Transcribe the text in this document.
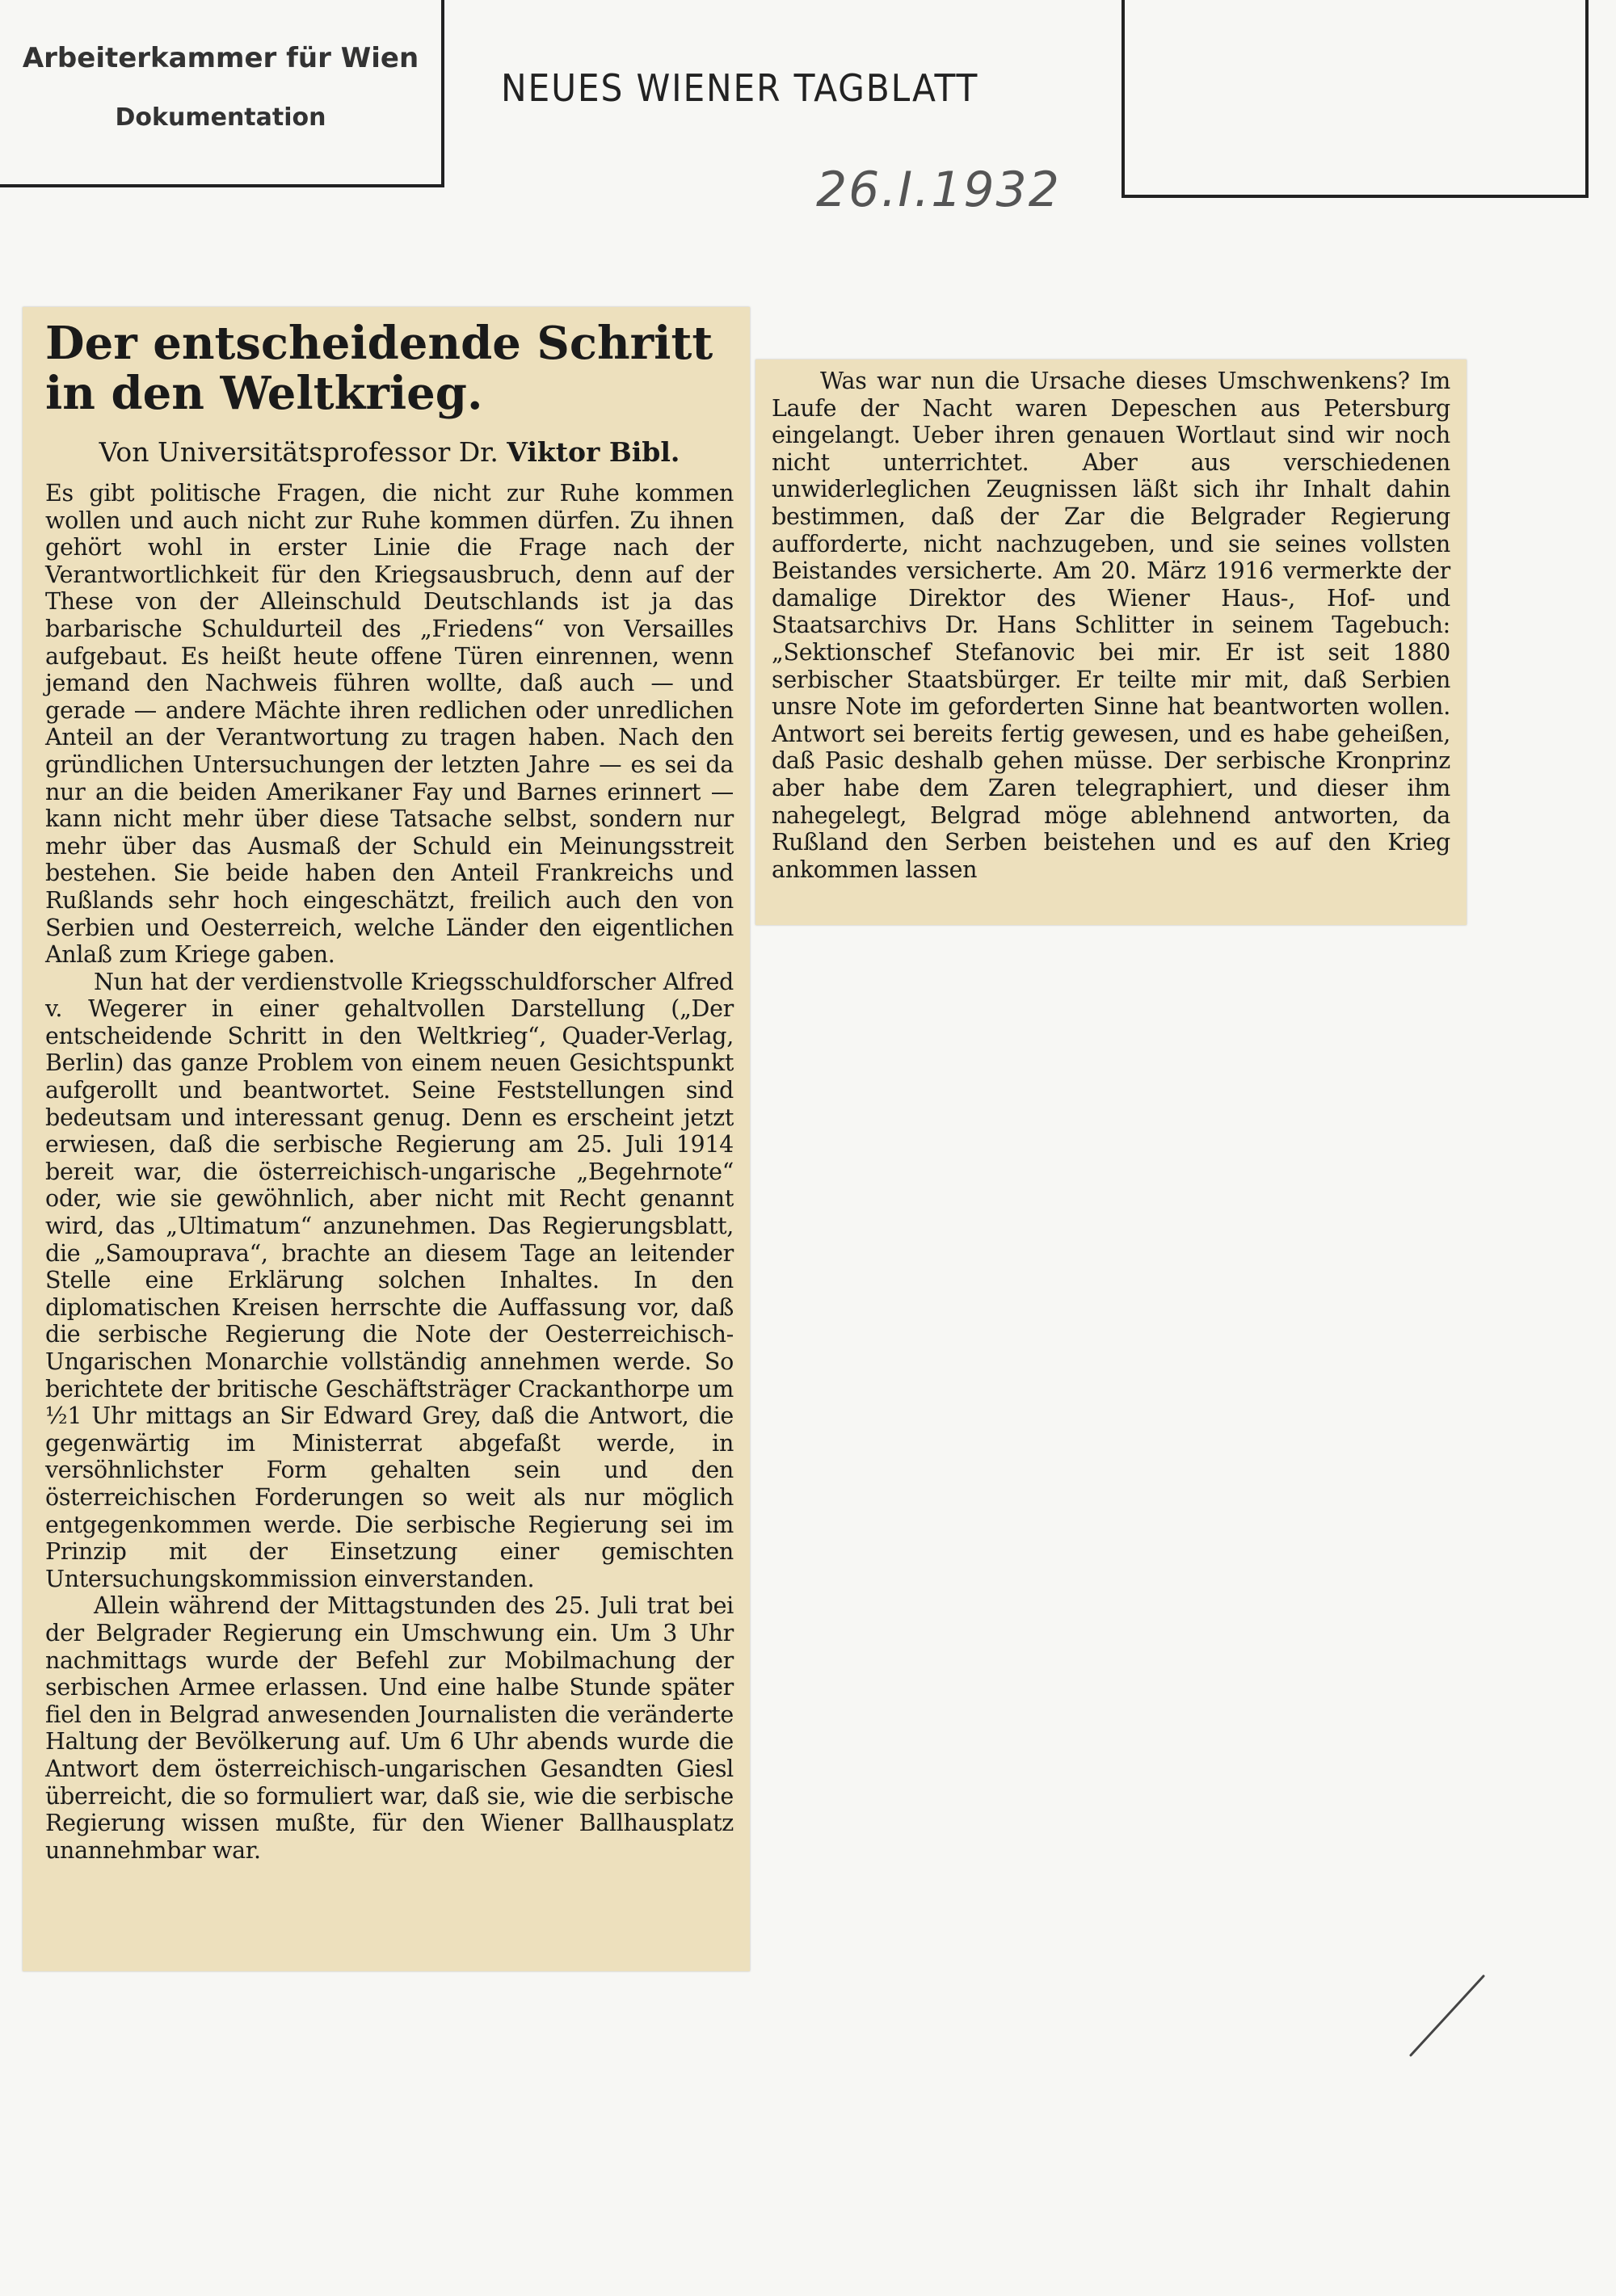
Arbeiterkammer für Wien
Dokumentation
NEUES WIENER TAGBLATT
26.I.1932
Der entscheidende Schritt in den Weltkrieg.
Von Universitätsprofessor Dr. Viktor Bibl.

Es gibt politische Fragen, die nicht zur Ruhe kommen wollen und auch nicht zur Ruhe kommen dürfen. Zu ihnen gehört wohl in erster Linie die Frage nach der Verantwortlichkeit für den Kriegsausbruch, denn auf der These von der Alleinschuld Deutschlands ist ja das barbarische Schuldurteil des „Friedens“ von Versailles aufgebaut. Es heißt heute offene Türen einrennen, wenn jemand den Nachweis führen wollte, daß auch — und gerade — andere Mächte ihren redlichen oder unredlichen Anteil an der Verantwortung zu tragen haben. Nach den gründlichen Untersuchungen der letzten Jahre — es sei da nur an die beiden Amerikaner Fay und Barnes erinnert — kann nicht mehr über diese Tatsache selbst, sondern nur mehr über das Ausmaß der Schuld ein Meinungsstreit bestehen. Sie beide haben den Anteil Frankreichs und Rußlands sehr hoch eingeschätzt, freilich auch den von Serbien und Oesterreich, welche Länder den eigentlichen Anlaß zum Kriege gaben.

Nun hat der verdienstvolle Kriegsschuldforscher Alfred v. Wegerer in einer gehaltvollen Darstellung („Der entscheidende Schritt in den Weltkrieg“, Quader-Verlag, Berlin) das ganze Problem von einem neuen Gesichtspunkt aufgerollt und beantwortet. Seine Feststellungen sind bedeutsam und interessant genug. Denn es erscheint jetzt erwiesen, daß die serbische Regierung am 25. Juli 1914 bereit war, die österreichisch-ungarische „Begehrnote“ oder, wie sie gewöhnlich, aber nicht mit Recht genannt wird, das „Ultimatum“ anzunehmen. Das Regierungsblatt, die „Samouprava“, brachte an diesem Tage an leitender Stelle eine Erklärung solchen Inhaltes. In den diplomatischen Kreisen herrschte die Auffassung vor, daß die serbische Regierung die Note der Oesterreichisch-Ungarischen Monarchie vollständig annehmen werde. So berichtete der britische Geschäftsträger Crackanthorpe um ½1 Uhr mittags an Sir Edward Grey, daß die Antwort, die gegenwärtig im Ministerrat abgefaßt werde, in versöhnlichster Form gehalten sein und den österreichischen Forderungen so weit als nur möglich entgegenkommen werde. Die serbische Regierung sei im Prinzip mit der Einsetzung einer gemischten Untersuchungskommission einverstanden.

Allein während der Mittagstunden des 25. Juli trat bei der Belgrader Regierung ein Umschwung ein. Um 3 Uhr nachmittags wurde der Befehl zur Mobilmachung der serbischen Armee erlassen. Und eine halbe Stunde später fiel den in Belgrad anwesenden Journalisten die veränderte Haltung der Bevölkerung auf. Um 6 Uhr abends wurde die Antwort dem österreichisch-ungarischen Gesandten Giesl überreicht, die so formuliert war, daß sie, wie die serbische Regierung wissen mußte, für den Wiener Ballhausplatz unannehmbar war.

Was war nun die Ursache dieses Umschwenkens? Im Laufe der Nacht waren Depeschen aus Petersburg eingelangt. Ueber ihren genauen Wortlaut sind wir noch nicht unterrichtet. Aber aus verschiedenen unwiderleglichen Zeugnissen läßt sich ihr Inhalt dahin bestimmen, daß der Zar die Belgrader Regierung aufforderte, nicht nachzugeben, und sie seines vollsten Beistandes versicherte. Am 20. März 1916 vermerkte der damalige Direktor des Wiener Haus-, Hof- und Staatsarchivs Dr. Hans Schlitter in seinem Tagebuch: „Sektionschef Stefanovic bei mir. Er ist seit 1880 serbischer Staatsbürger. Er teilte mir mit, daß Serbien unsre Note im geforderten Sinne hat beantworten wollen. Antwort sei bereits fertig gewesen, und es habe geheißen, daß Pasic deshalb gehen müsse. Der serbische Kronprinz aber habe dem Zaren telegraphiert, und dieser ihm nahegelegt, Belgrad möge ablehnend antworten, da Rußland den Serben beistehen und es auf den Krieg ankommen lassen
